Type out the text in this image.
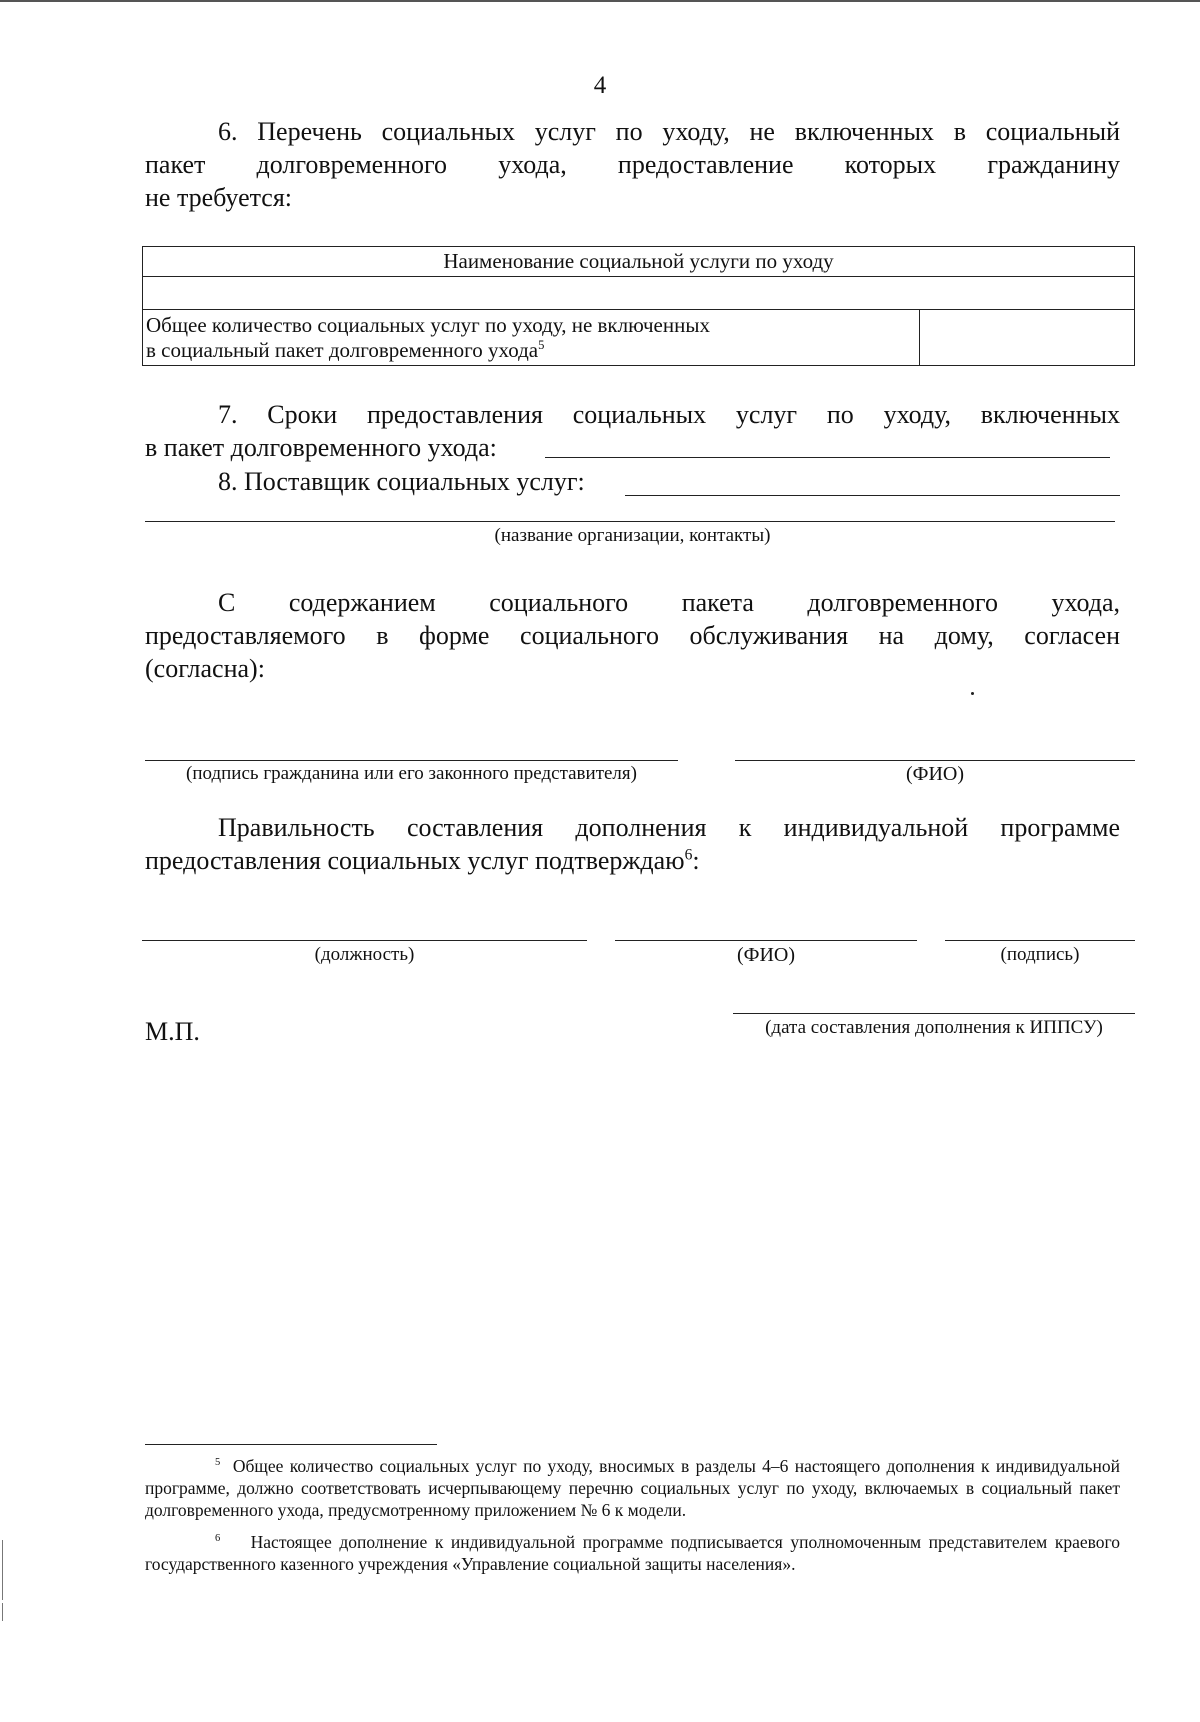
4
6. Перечень социальных услуг по уходу, не включенных в социальный
пакет долговременного ухода, предоставление которых гражданину
не требуется:
Наименование социальной услуги по уходу

Общее количество социальных услуг по уходу, не включенных
в социальный пакет долговременного ухода$^5$	
7. Сроки предоставления социальных услуг по уходу, включенных
в пакет долговременного ухода:
8. Поставщик социальных услуг:
(название организации, контакты)
С содержанием социального пакета долговременного ухода,
предоставляемого в форме социального обслуживания на дому, согласен
(согласна):
(подпись гражданина или его законного представителя)	(ФИО)
Правильность составления дополнения к индивидуальной программе
предоставления социальных услуг подтверждаю$^6$:
(должность)	(ФИО)	(подпись)
М.П.	(дата составления дополнения к ИППСУ)
$^5$ Общее количество социальных услуг по уходу, вносимых в разделы 4–6 настоящего дополнения к индивидуальной программе, должно соответствовать исчерпывающему перечню социальных услуг по уходу, включаемых в социальный пакет долговременного ухода, предусмотренному приложением № 6 к модели.
$^6$ Настоящее дополнение к индивидуальной программе подписывается уполномоченным представителем краевого государственного казенного учреждения «Управление социальной защиты населения».
